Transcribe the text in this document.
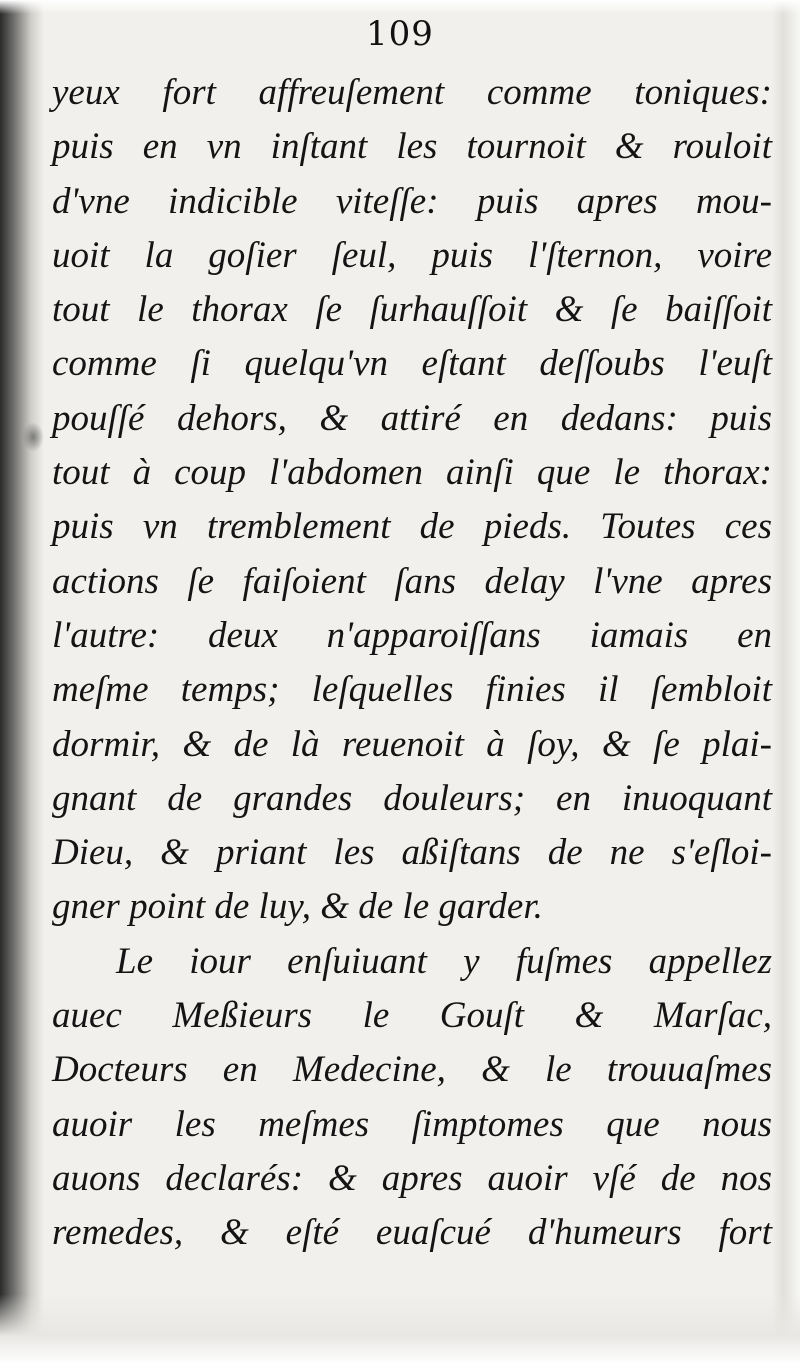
109
yeux fort affreuſement comme toniques:
puis en vn inſtant les tournoit & rouloit
d'vne indicible viteſſe: puis apres mou-
uoit la goſier ſeul, puis l'ſternon, voire
tout le thorax ſe ſurhauſſoit & ſe baiſſoit
comme ſi quelqu'vn eſtant deſſoubs l'euſt
pouſſé dehors, & attiré en dedans: puis
tout à coup l'abdomen ainſi que le thorax:
puis vn tremblement de pieds. Toutes ces
actions ſe faiſoient ſans delay l'vne apres
l'autre: deux n'apparoiſſans iamais en
meſme temps; leſquelles finies il ſembloit
dormir, & de là reuenoit à ſoy, & ſe plai-
gnant de grandes douleurs; en inuoquant
Dieu, & priant les aßiſtans de ne s'eſloi-
gner point de luy, & de le garder.
Le iour enſuiuant y fuſmes appellez
auec Meßieurs le Gouſt & Marſac,
Docteurs en Medecine, & le trouuaſmes
auoir les meſmes ſimptomes que nous
auons declarés: & apres auoir vſé de nos
remedes, & eſté euaſcué d'humeurs fort
